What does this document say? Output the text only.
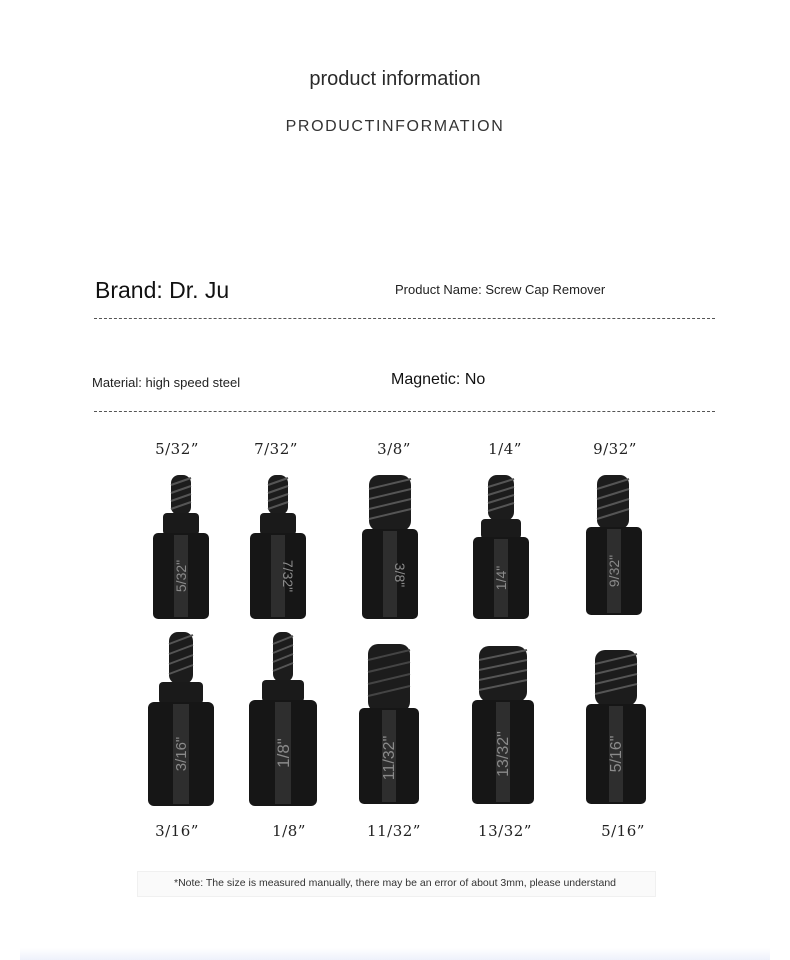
product information
PRODUCTINFORMATION
Brand: Dr. Ju	Product Name: Screw Cap Remover
Material: high speed steel	Magnetic: No
5/32”	7/32”	3/8”	1/4”	9/32”
5/32"	7/32"	3/8"	1/4"	9/32"
3/16"	1/8"	11/32"	13/32"	5/16"
3/16”	1/8”	11/32”	13/32”	5/16”
*Note: The size is measured manually, there may be an error of about 3mm, please understand
